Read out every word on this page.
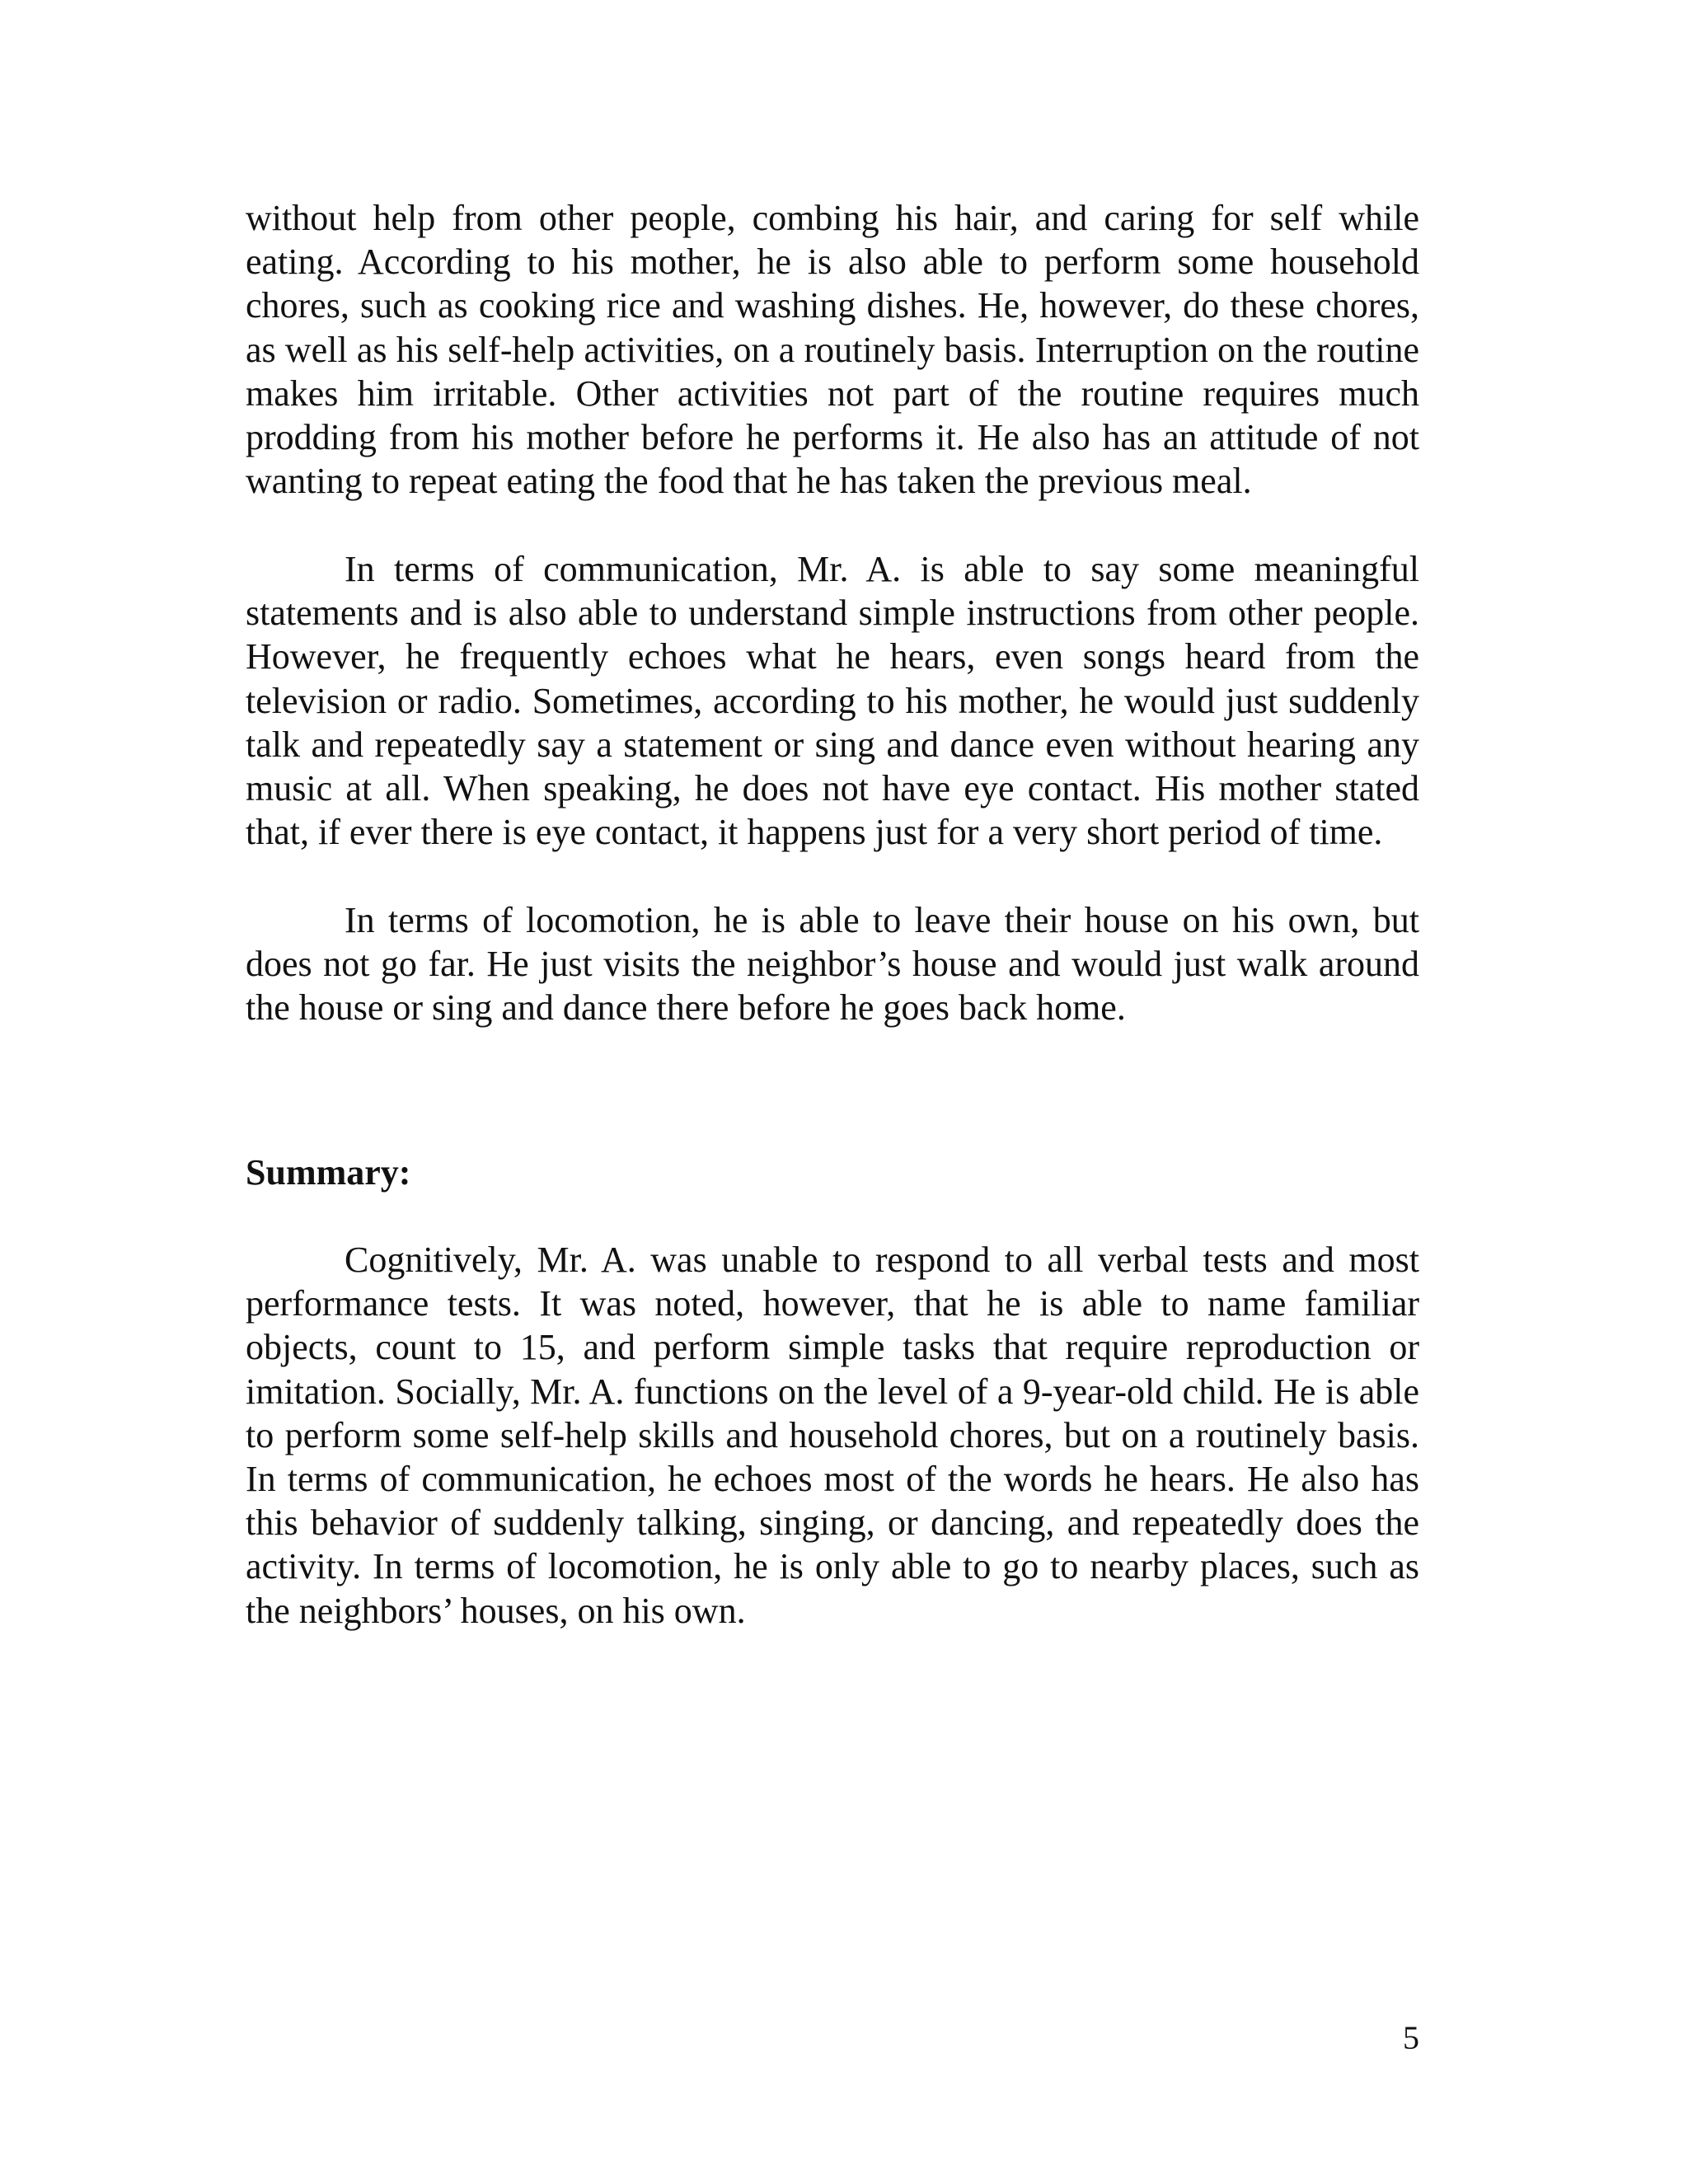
without help from other people, combing his hair, and caring for self while eating. According to his mother, he is also able to perform some household chores, such as cooking rice and washing dishes. He, however, do these chores, as well as his self-help activities, on a routinely basis. Interruption on the routine makes him irritable. Other activities not part of the routine requires much prodding from his mother before he performs it. He also has an attitude of not wanting to repeat eating the food that he has taken the previous meal.

In terms of communication, Mr. A. is able to say some meaningful statements and is also able to understand simple instructions from other people. However, he frequently echoes what he hears, even songs heard from the television or radio. Sometimes, according to his mother, he would just suddenly talk and repeatedly say a statement or sing and dance even without hearing any music at all. When speaking, he does not have eye contact. His mother stated that, if ever there is eye contact, it happens just for a very short period of time.

In terms of locomotion, he is able to leave their house on his own, but does not go far. He just visits the neighbor’s house and would just walk around the house or sing and dance there before he goes back home.

Summary:

Cognitively, Mr. A. was unable to respond to all verbal tests and most performance tests. It was noted, however, that he is able to name familiar objects, count to 15, and perform simple tasks that require reproduction or imitation. Socially, Mr. A. functions on the level of a 9-year-old child. He is able to perform some self-help skills and household chores, but on a routinely basis. In terms of communication, he echoes most of the words he hears. He also has this behavior of suddenly talking, singing, or dancing, and repeatedly does the activity. In terms of locomotion, he is only able to go to nearby places, such as the neighbors’ houses, on his own.

5
